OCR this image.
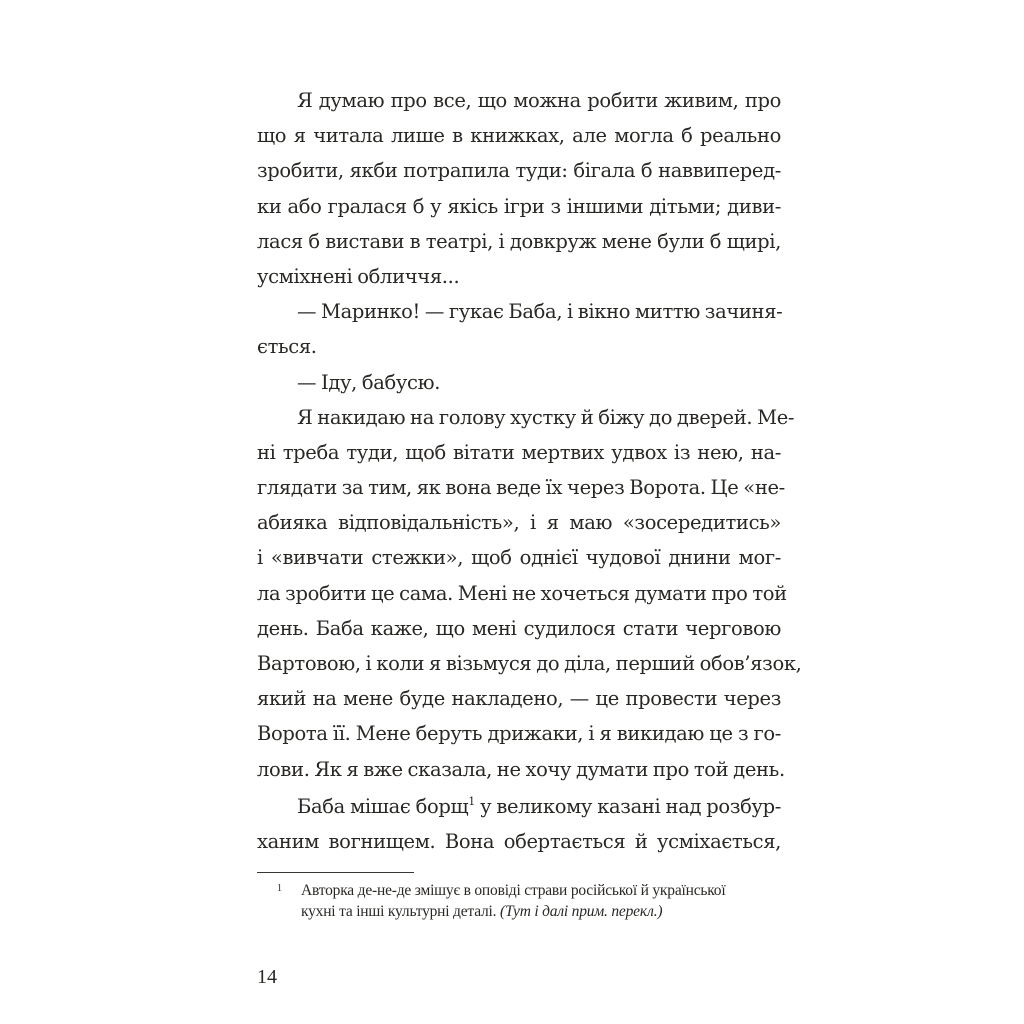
Я думаю про все, що можна робити живим, про
що я читала лише в книжках, але могла б реально
зробити, якби потрапила туди: бігала б наввиперед-
ки або гралася б у якісь ігри з іншими дітьми; диви-
лася б вистави в театрі, і довкруж мене були б щирі,
усміхнені обличчя...
— Маринко! — гукає Баба, і вікно миттю зачиня-
ється.
— Іду, бабусю.
Я накидаю на голову хустку й біжу до дверей. Ме-
ні треба туди, щоб вітати мертвих удвох із нею, на-
глядати за тим, як вона веде їх через Ворота. Це «не-
абияка відповідальність», і я маю «зосередитись»
і «вивчати стежки», щоб однієї чудової днини мог-
ла зробити це сама. Мені не хочеться думати про той
день. Баба каже, що мені судилося стати черговою
Вартовою, і коли я візьмуся до діла, перший обов’язок,
який на мене буде накладено, — це провести через
Ворота її. Мене беруть дрижаки, і я викидаю це з го-
лови. Як я вже сказала, не хочу думати про той день.
Баба мішає борщ$^1$ у великому казані над розбур-
ханим вогнищем. Вона обертається й усміхається,
1 Авторка де-не-де змішує в оповіді страви російської й української
кухні та інші культурні деталі. (Тут і далі прим. перекл.)
14
